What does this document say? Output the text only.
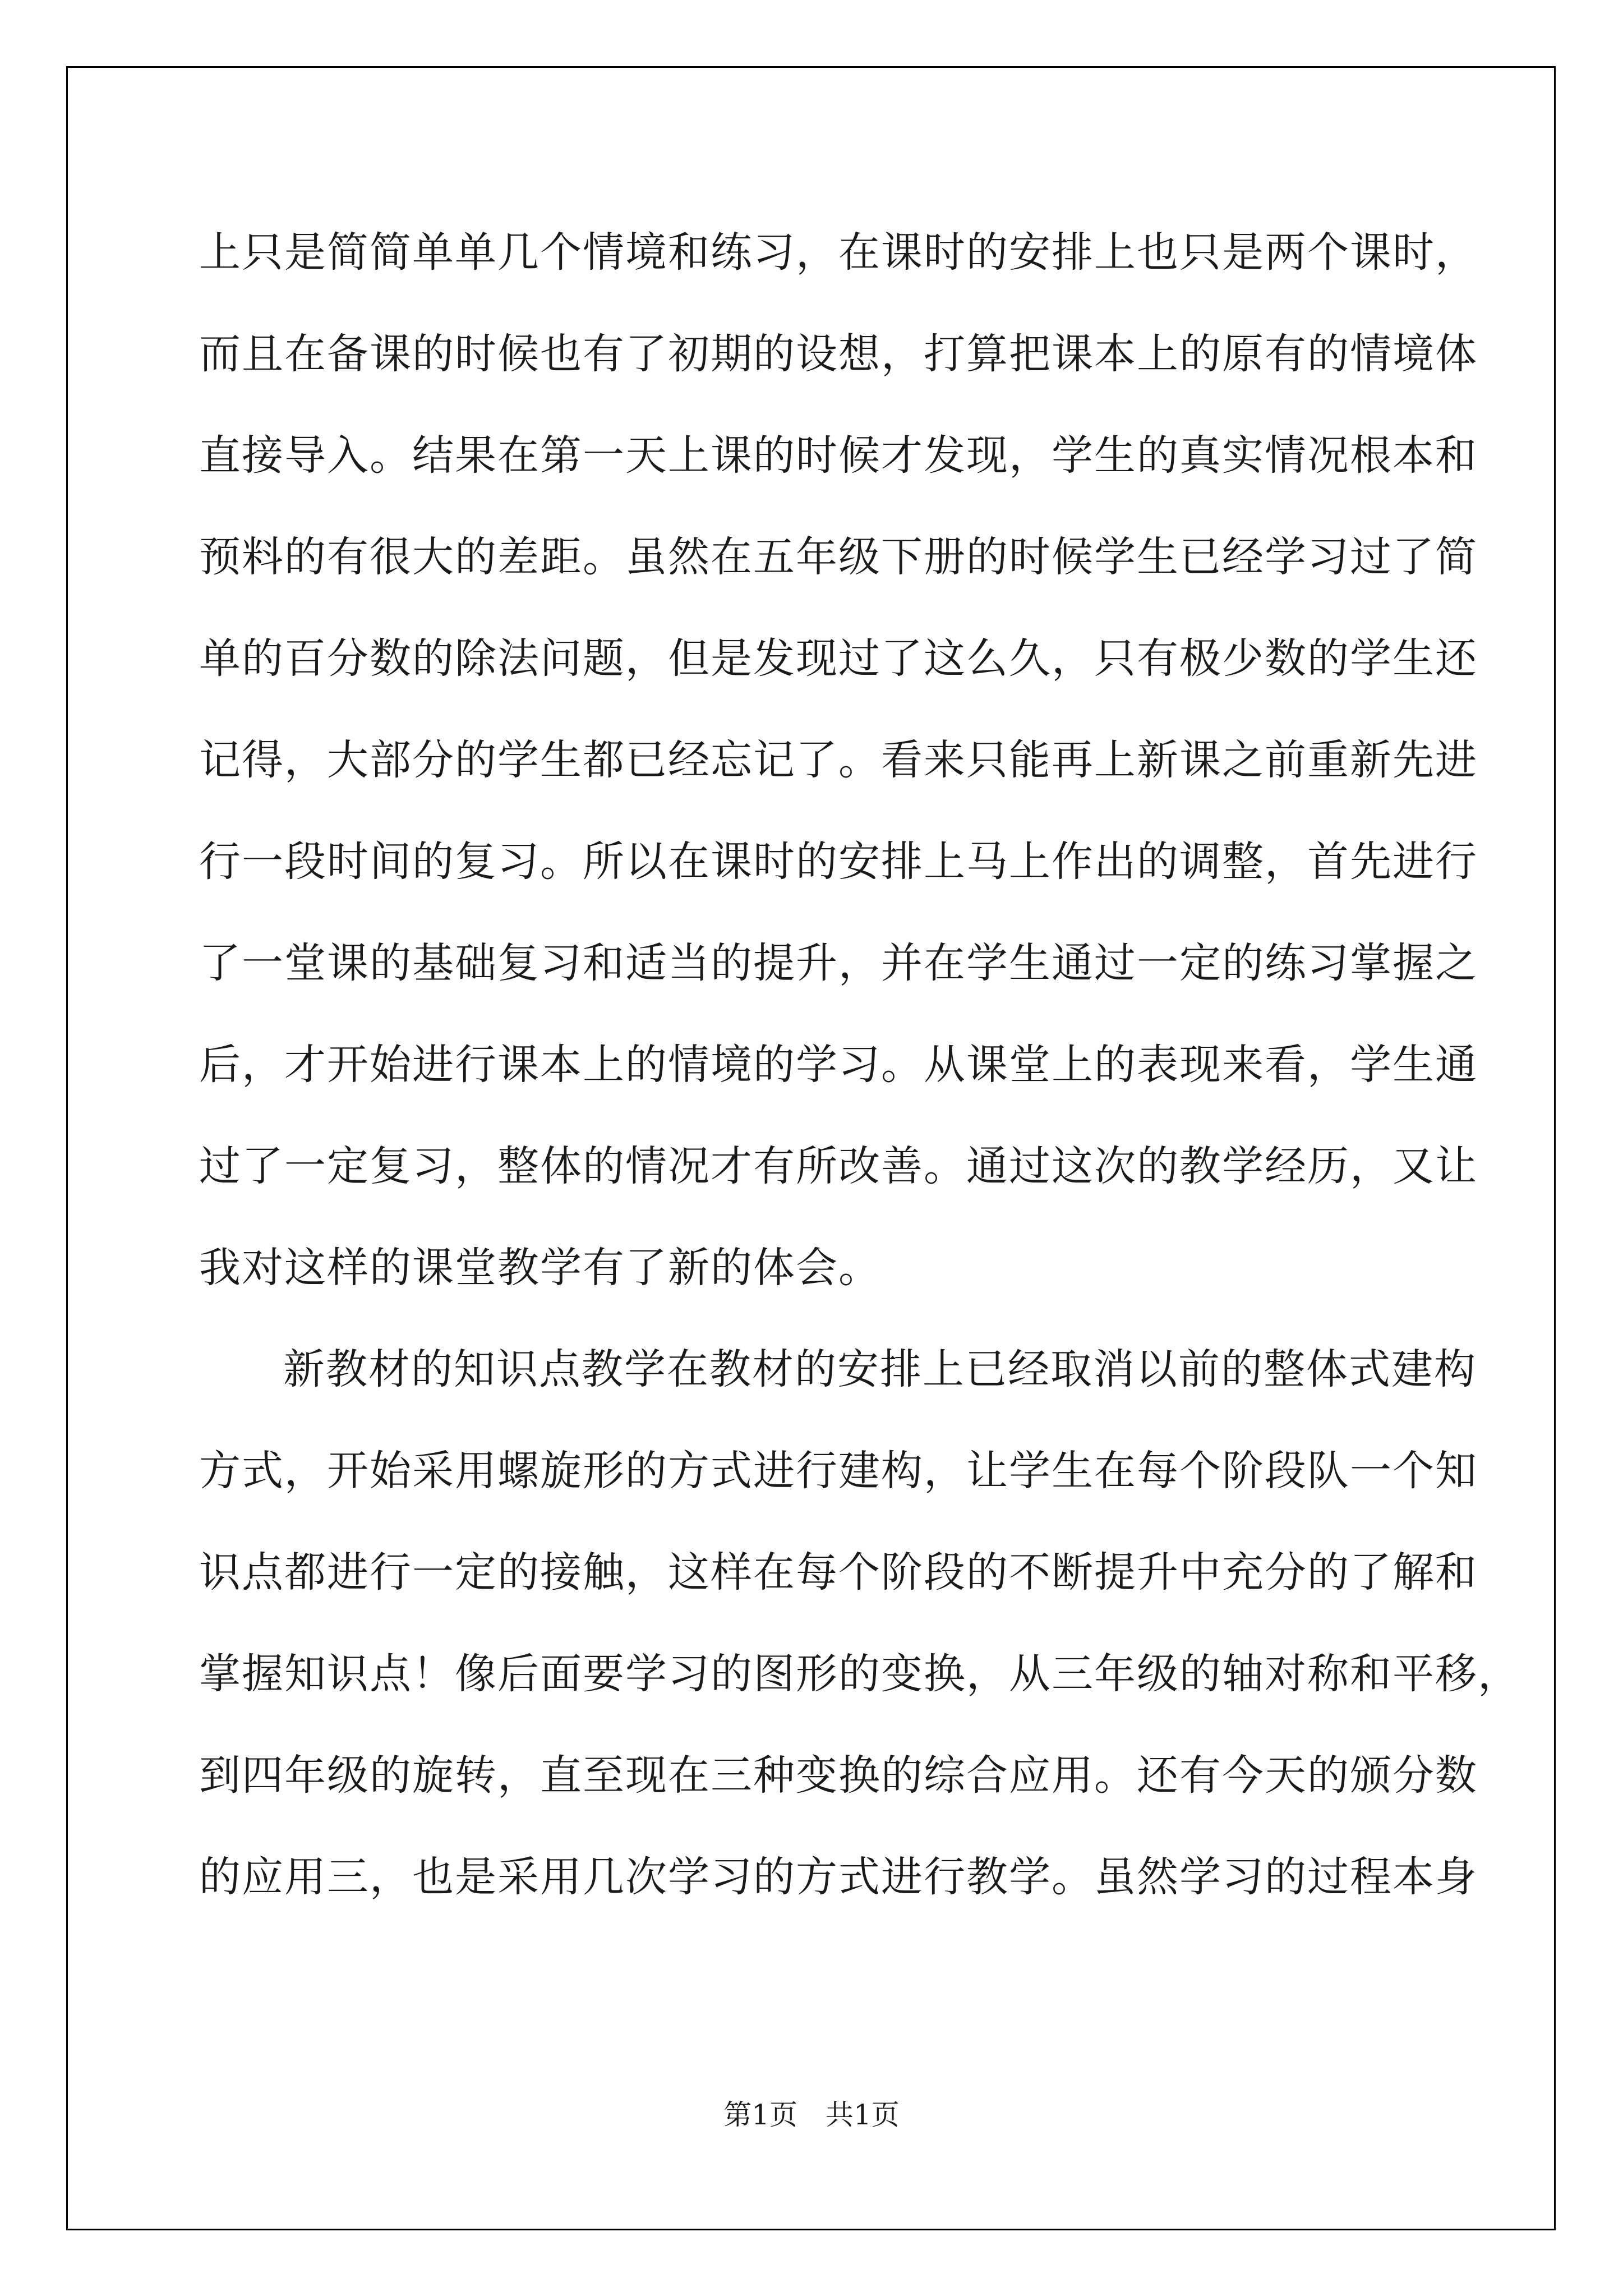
上只是简简单单几个情境和练习，在课时的安排上也只是两个课时，
而且在备课的时候也有了初期的设想，打算把课本上的原有的情境体
直接导入。结果在第一天上课的时候才发现，学生的真实情况根本和
预料的有很大的差距。虽然在五年级下册的时候学生已经学习过了简
单的百分数的除法问题，但是发现过了这么久，只有极少数的学生还
记得，大部分的学生都已经忘记了。看来只能再上新课之前重新先进
行一段时间的复习。所以在课时的安排上马上作出的调整，首先进行
了一堂课的基础复习和适当的提升，并在学生通过一定的练习掌握之
后，才开始进行课本上的情境的学习。从课堂上的表现来看，学生通
过了一定复习，整体的情况才有所改善。通过这次的教学经历，又让
我对这样的课堂教学有了新的体会。
新教材的知识点教学在教材的安排上已经取消以前的整体式建构
方式，开始采用螺旋形的方式进行建构，让学生在每个阶段队一个知
识点都进行一定的接触，这样在每个阶段的不断提升中充分的了解和
掌握知识点！像后面要学习的图形的变换，从三年级的轴对称和平移，
到四年级的旋转，直至现在三种变换的综合应用。还有今天的颁分数
的应用三，也是采用几次学习的方式进行教学。虽然学习的过程本身
第1页 共1页
